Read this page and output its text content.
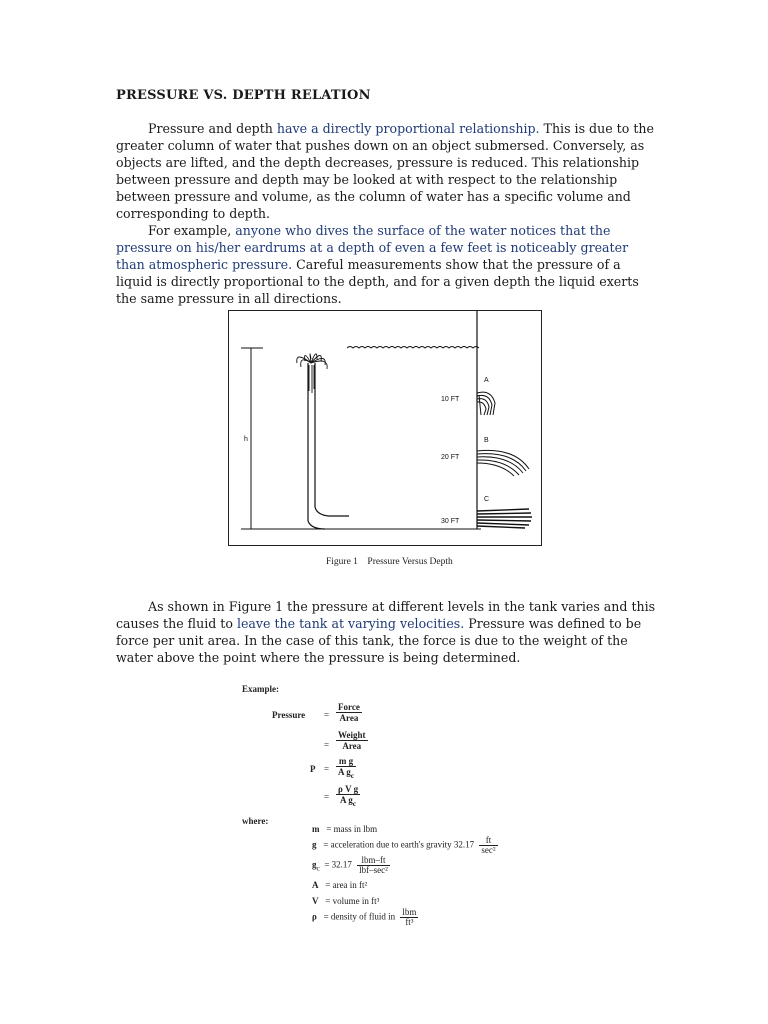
PRESSURE VS. DEPTH RELATION

Pressure and depth have a directly proportional relationship. This is due to the greater column of water that pushes down on an object submersed. Conversely, as objects are lifted, and the depth decreases, pressure is reduced. This relationship between pressure and depth may be looked at with respect to the relationship between pressure and volume, as the column of water has a specific volume and corresponding to depth.

For example, anyone who dives the surface of the water notices that the pressure on his/her eardrums at a depth of even a few feet is noticeably greater than atmospheric pressure. Careful measurements show that the pressure of a liquid is directly proportional to the depth, and for a given depth the liquid exerts the same pressure in all directions.

h
A
10 FT
B
20 FT
C
30 FT
Figure 1    Pressure Versus Depth

As shown in Figure 1 the pressure at different levels in the tank varies and this causes the fluid to leave the tank at varying velocities. Pressure was defined to be force per unit area. In the case of this tank, the force is due to the weight of the water above the point where the pressure is being determined.

Example:
Pressure =
Force
Area
=
Weight
Area
$P = \frac{\text{m g}}{A g_c}$
= $\frac{\text{ρ V g}}{A g_c}$
where:
m = mass in lbm
g = acceleration due to earth's gravity $32.17 \frac{ft}{\text{sec²}}$
$g_c = 32.17 \frac{\text{lbm–ft}}{\text{lbf–sec²}}$
A = area in ft²
V = volume in ft³
ρ = density of fluid in $\frac{\text{lbm}}{\text{ft³}}$
